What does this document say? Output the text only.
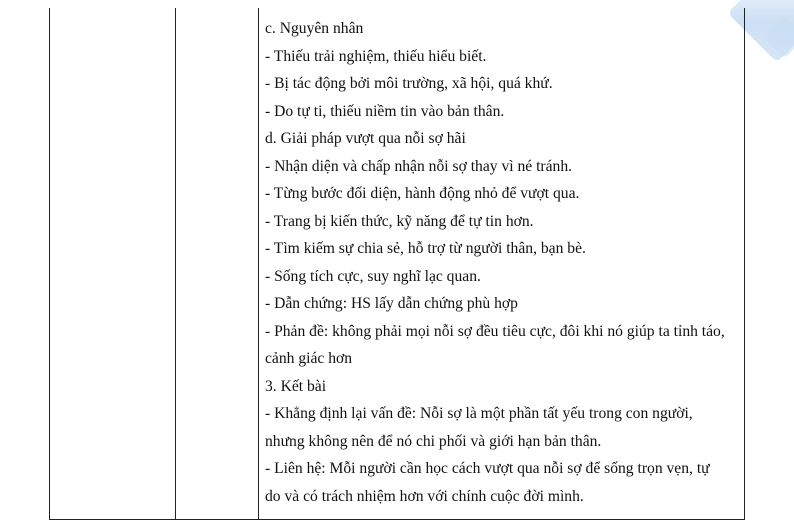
c. Nguyên nhân
- Thiếu trải nghiệm, thiếu hiểu biết.
- Bị tác động bởi môi trường, xã hội, quá khứ.
- Do tự ti, thiếu niềm tin vào bản thân.
d. Giải pháp vượt qua nỗi sợ hãi
- Nhận diện và chấp nhận nỗi sợ thay vì né tránh.
- Từng bước đối diện, hành động nhỏ để vượt qua.
- Trang bị kiến thức, kỹ năng để tự tin hơn.
- Tìm kiếm sự chia sẻ, hỗ trợ từ người thân, bạn bè.
- Sống tích cực, suy nghĩ lạc quan.
- Dẫn chứng: HS lấy dẫn chứng phù hợp
- Phản đề: không phải mọi nỗi sợ đều tiêu cực, đôi khi nó giúp ta tỉnh táo,
cảnh giác hơn
3. Kết bài
- Khẳng định lại vấn đề: Nỗi sợ là một phần tất yếu trong con người,
nhưng không nên để nó chi phối và giới hạn bản thân.
- Liên hệ: Mỗi người cần học cách vượt qua nỗi sợ để sống trọn vẹn, tự
do và có trách nhiệm hơn với chính cuộc đời mình.
